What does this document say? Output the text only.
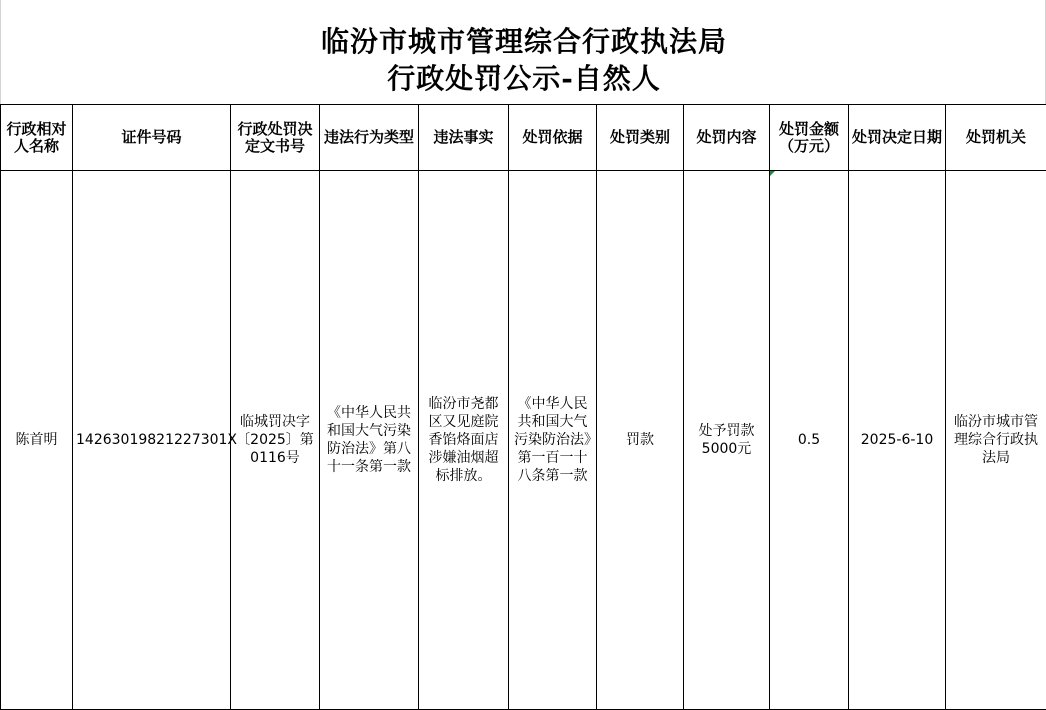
临汾市城市管理综合行政执法局
行政处罚公示-自然人
行政相对人名称	证件号码	行政处罚决定文书号	违法行为类型	违法事实	处罚依据	处罚类别	处罚内容	处罚金额（万元）	处罚决定日期	处罚机关
陈首明	14263019821227301X	临城罚决字〔2025〕第0116号	《中华人民共和国大气污染防治法》第八十一条第一款	临汾市尧都区又见庭院香馅烙面店涉嫌油烟超标排放。	《中华人民共和国大气污染防治法》第一百一十八条第一款	罚款	处予罚款5000元	0.5	2025-6-10	临汾市城市管理综合行政执法局
